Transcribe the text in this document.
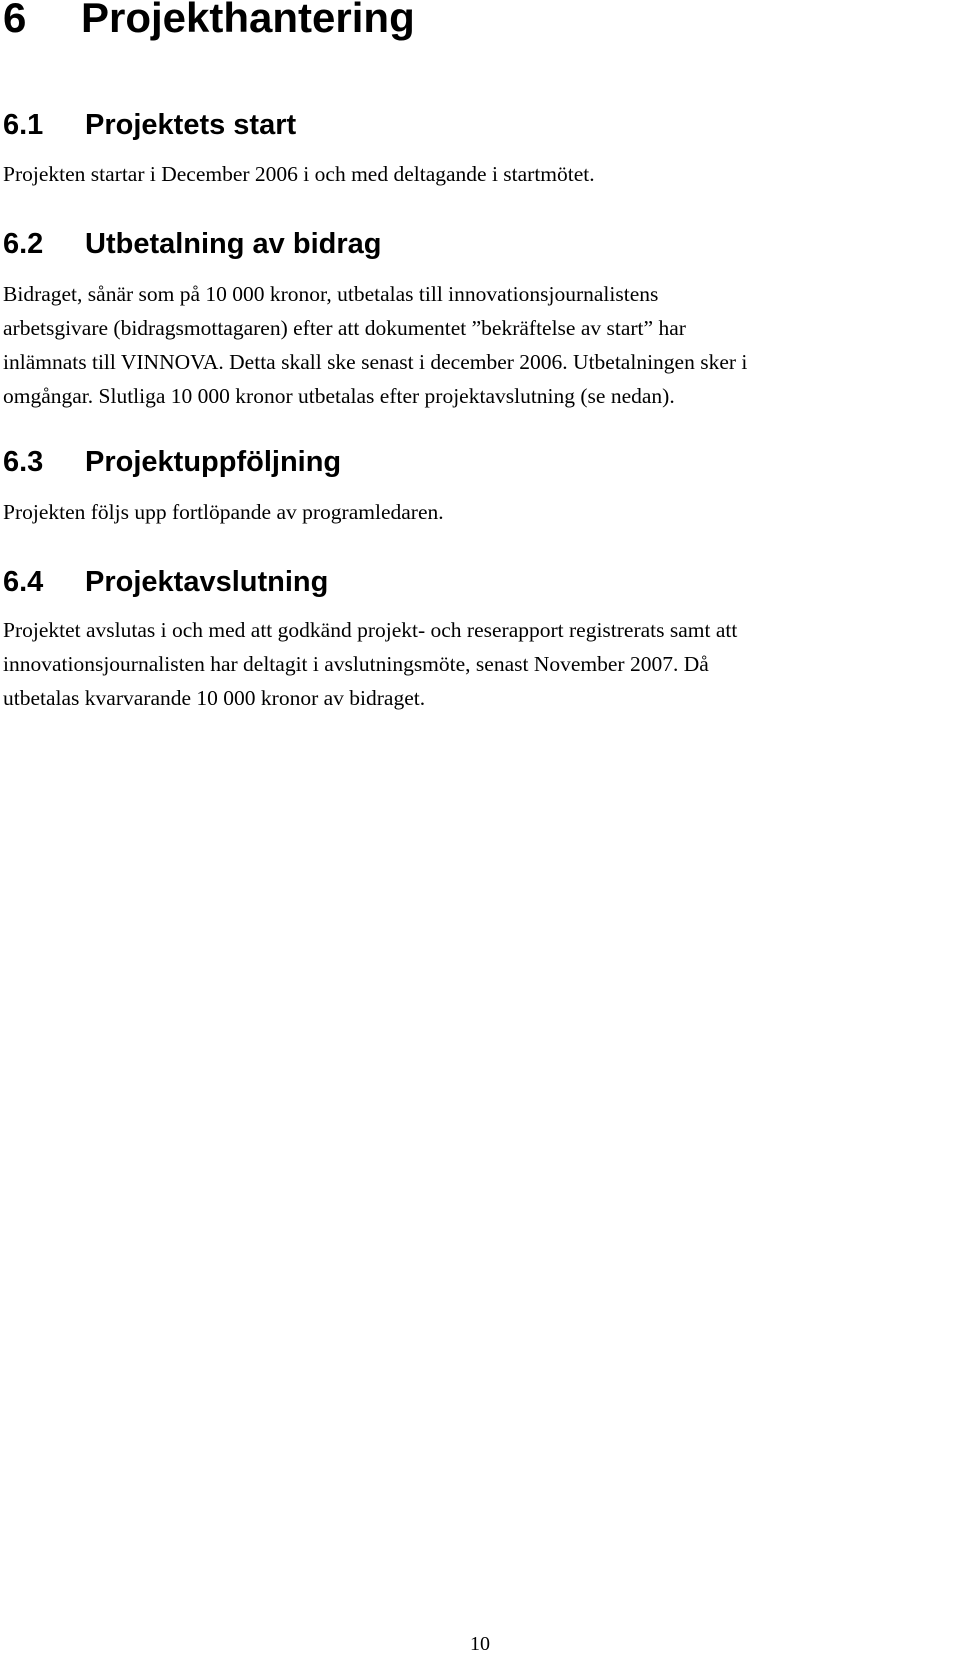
6 Projekthantering
6.1 Projektets start

Projekten startar i December 2006 i och med deltagande i startmötet.

6.2 Utbetalning av bidrag

Bidraget, sånär som på 10 000 kronor, utbetalas till innovationsjournalistens
arbetsgivare (bidragsmottagaren) efter att dokumentet ”bekräftelse av start” har
inlämnats till VINNOVA. Detta skall ske senast i december 2006. Utbetalningen sker i
omgångar. Slutliga 10 000 kronor utbetalas efter projektavslutning (se nedan).

6.3 Projektuppföljning

Projekten följs upp fortlöpande av programledaren.

6.4 Projektavslutning

Projektet avslutas i och med att godkänd projekt- och reserapport registrerats samt att
innovationsjournalisten har deltagit i avslutningsmöte, senast November 2007. Då
utbetalas kvarvarande 10 000 kronor av bidraget.

10
